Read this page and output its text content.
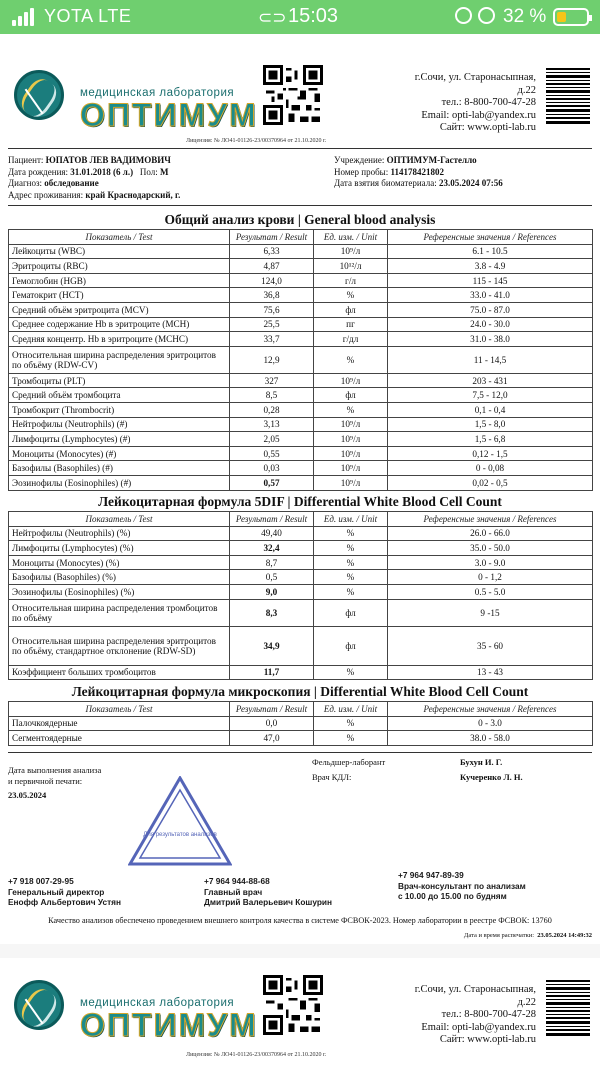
YOTA LTE	⊂⊃ 15:03	32 %
медицинская лаборатория
ОПТИМУМ
г.Сочи, ул. Старонасыпная,
д.22
тел.: 8-800-700-47-28
Email: opti-lab@yandex.ru
Сайт: www.opti-lab.ru
Лицензия: № ЛО41-01126-23/00370964 от 21.10.2020 г.
Пациент: ЮПАТОВ ЛЕВ ВАДИМОВИЧ
Дата рождения: 31.01.2018 (6 л.) Пол: М
Диагноз: обследование
Адрес проживания: край Краснодарский, г.
Учреждение: ОПТИМУМ-Гастелло
Номер пробы: 114178421802
Дата взятия биоматериала: 23.05.2024 07:56
Общий анализ крови | General blood analysis
Показатель / Test	Результат / Result	Ед. изм. / Unit	Референсные значения / References
Лейкоциты (WBC)	6,33	10⁹/л	6.1 - 10.5
Эритроциты (RBC)	4,87	10¹²/л	3.8 - 4.9
Гемоглобин (HGB)	124,0	г/л	115 - 145
Гематокрит (HCT)	36,8	%	33.0 - 41.0
Средний объём эритроцита (MCV)	75,6	фл	75.0 - 87.0
Среднее содержание Hb в эритроците (MCH)	25,5	пг	24.0 - 30.0
Средняя концентр. Hb в эритроците (MCHC)	33,7	г/дл	31.0 - 38.0
Относительная ширина распределения эритроцитов по объёму (RDW-CV)	12,9	%	11 - 14,5
Тромбоциты (PLT)	327	10⁹/л	203 - 431
Средний объём тромбоцита	8,5	фл	7,5 - 12,0
Тромбокрит (Thrombocrit)	0,28	%	0,1 - 0,4
Нейтрофилы (Neutrophils) (#)	3,13	10⁹/л	1,5 - 8,0
Лимфоциты (Lymphocytes) (#)	2,05	10⁹/л	1,5 - 6,8
Моноциты (Monocytes) (#)	0,55	10⁹/л	0,12 - 1,5
Базофилы (Basophiles) (#)	0,03	10⁹/л	0 - 0,08
Эозинофилы (Eosinophiles) (#)	0,57	10⁹/л	0,02 - 0,5
Лейкоцитарная формула 5DIF | Differential White Blood Cell Count
Показатель / Test	Результат / Result	Ед. изм. / Unit	Референсные значения / References
Нейтрофилы (Neutrophils) (%)	49,40	%	26.0 - 66.0
Лимфоциты (Lymphocytes) (%)	32,4	%	35.0 - 50.0
Моноциты (Monocytes) (%)	8,7	%	3.0 - 9.0
Базофилы (Basophiles) (%)	0,5	%	0 - 1,2
Эозинофилы (Eosinophiles) (%)	9,0	%	0.5 - 5.0
Относительная ширина распределения тромбоцитов по объёму	8,3	фл	9 -15
Относительная ширина распределения эритроцитов по объёму, стандартное отклонение (RDW-SD)	34,9	фл	35 - 60
Коэффициент больших тромбоцитов	11,7	%	13 - 43
Лейкоцитарная формула микроскопия | Differential White Blood Cell Count
Показатель / Test	Результат / Result	Ед. изм. / Unit	Референсные значения / References
Палочкоядерные	0,0	%	0 - 3.0
Сегментоядерные	47,0	%	38.0 - 58.0
Дата выполнения анализа
и первичной печати:
23.05.2024
Фельдшер-лаборант	Бухун И. Г.
Врач КДЛ:	Кучеренко Л. Н.
Для результатов анализов
+7 918 007-29-95
Генеральный директор
Енофф Альбертович Устян
+7 964 944-88-68
Главный врач
Дмитрий Валерьевич Кошурин
+7 964 947-89-39
Врач-консультант по анализам
с 10.00 до 15.00 по будням
Качество анализов обеспечено проведением внешнего контроля качества в системе ФСВОК-2023. Номер лаборатории в реестре ФСВОК: 13760
Дата и время распечатки: 23.05.2024 14:49:32
медицинская лаборатория
ОПТИМУМ
г.Сочи, ул. Старонасыпная,
д.22
тел.: 8-800-700-47-28
Email: opti-lab@yandex.ru
Сайт: www.opti-lab.ru
Лицензия: № ЛО41-01126-23/00370964 от 21.10.2020 г.
